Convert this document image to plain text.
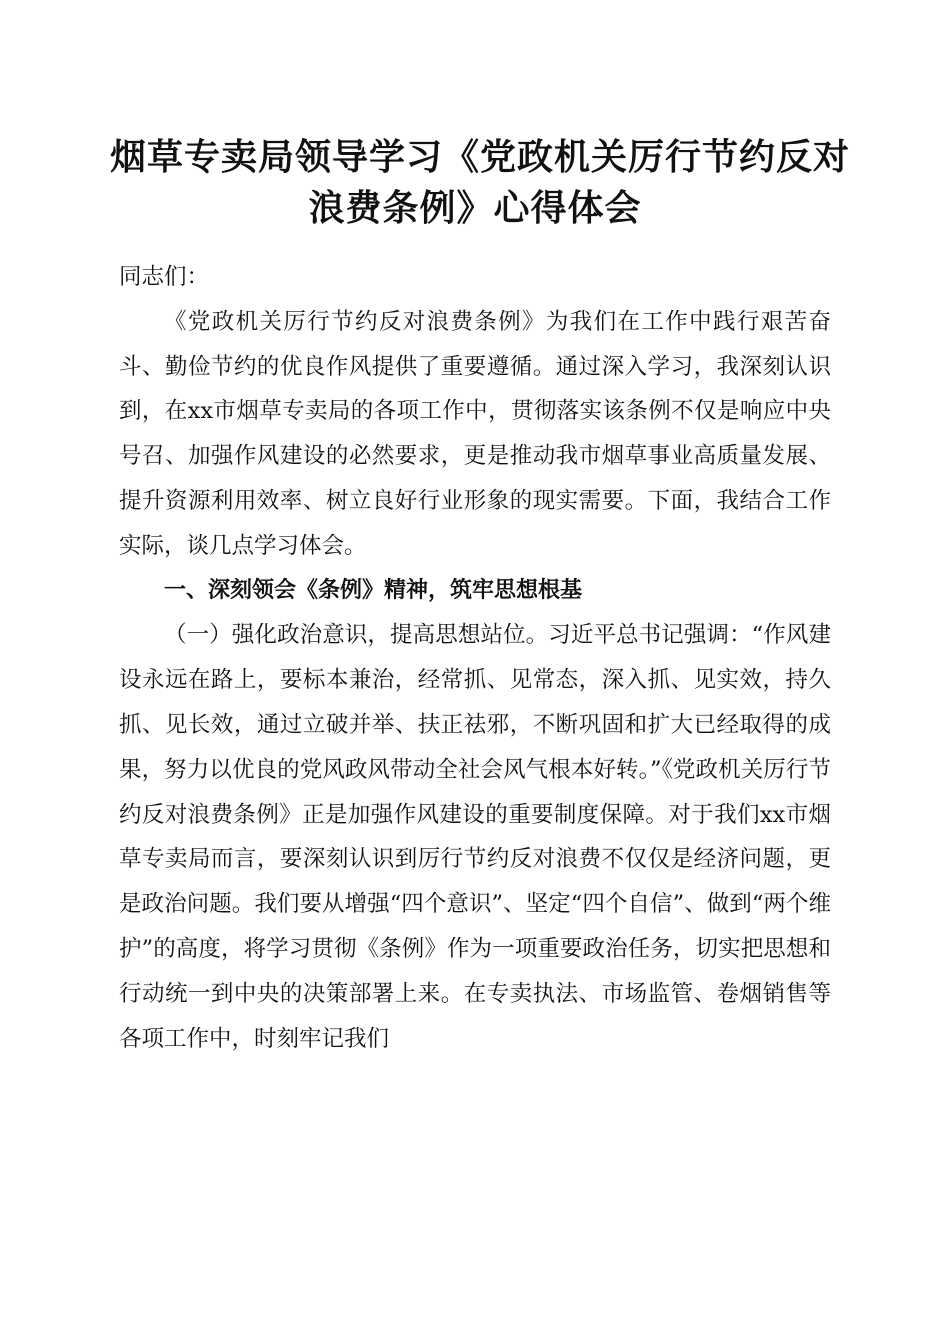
烟草专卖局领导学习《党政机关厉行节约反对
浪费条例》心得体会

同志们：

《党政机关厉行节约反对浪费条例》为我们在工作中践行艰苦奋斗、勤俭节约的优良作风提供了重要遵循。通过深入学习，我深刻认识到，在xx市烟草专卖局的各项工作中，贯彻落实该条例不仅是响应中央号召、加强作风建设的必然要求，更是推动我市烟草事业高质量发展、提升资源利用效率、树立良好行业形象的现实需要。下面，我结合工作实际，谈几点学习体会。

一、深刻领会《条例》精神，筑牢思想根基

（一）强化政治意识，提高思想站位。习近平总书记强调：“作风建设永远在路上，要标本兼治，经常抓、见常态，深入抓、见实效，持久抓、见长效，通过立破并举、扶正祛邪，不断巩固和扩大已经取得的成果，努力以优良的党风政风带动全社会风气根本好转。”《党政机关厉行节约反对浪费条例》正是加强作风建设的重要制度保障。对于我们xx市烟草专卖局而言，要深刻认识到厉行节约反对浪费不仅仅是经济问题，更是政治问题。我们要从增强“四个意识”、坚定“四个自信”、做到“两个维护”的高度，将学习贯彻《条例》作为一项重要政治任务，切实把思想和行动统一到中央的决策部署上来。在专卖执法、市场监管、卷烟销售等各项工作中，时刻牢记我们
